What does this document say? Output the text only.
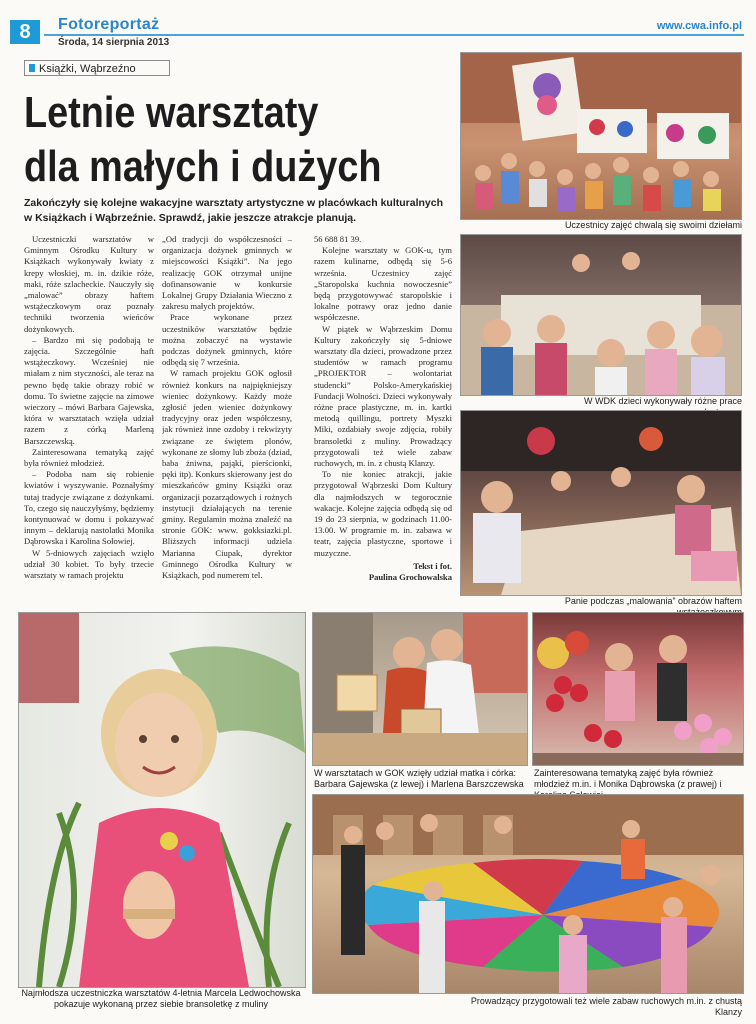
8	Fotoreportaż
Środa, 14 sierpnia 2013
www.cwa.info.pl
Książki, Wąbrzeźno
Letnie warsztaty
dla małych i dużych
Zakończyły się kolejne wakacyjne warsztaty artystyczne w placówkach kulturalnych w Książkach i Wąbrzeźnie. Sprawdź, jakie jeszcze atrakcje planują.

Uczestniczki warsztatów w Gminnym Ośrodku Kultury w Książkach wykonywały kwiaty z krepy włoskiej, m. in. dzikie róże, maki, róże szlacheckie. Nauczyły się „malować” obrazy haftem wstążeczkowym oraz poznały techniki tworzenia wieńców dożynkowych.

– Bardzo mi się podobają te zajęcia. Szczególnie haft wstążeczkowy. Wcześniej nie miałam z nim styczności, ale teraz na pewno będę takie obrazy robić w domu. To świetne zajęcie na zimowe wieczory – mówi Barbara Gajewska, która w warsztatach wzięła udział razem z córką Marleną Barszczewską.

Zainteresowana tematyką zajęć była również młodzież.

– Podoba nam się robienie kwiatów i wyszywanie. Poznałyśmy tutaj tradycje związane z dożynkami. To, czego się nauczyłyśmy, będziemy kontynuować w domu i pokazywać innym – deklarują nastolatki Monika Dąbrowska i Karolina Sołowiej.

W 5-dniowych zajęciach wzięło udział 30 kobiet. To były trzecie warsztaty w ramach projektu

„Od tradycji do współczesności – organizacja dożynek gminnych w miejscowości Książki”. Na jego realizację GOK otrzymał unijne dofinansowanie w konkursie Lokalnej Grupy Działania Wieczno z zakresu małych projektów.

Prace wykonane przez uczestników warsztatów będzie można zobaczyć na wystawie podczas dożynek gminnych, które odbędą się 7 września.

W ramach projektu GOK ogłosił również konkurs na najpiękniejszy wieniec dożynkowy. Każdy może zgłosić jeden wieniec dożynkowy tradycyjny oraz jeden współczesny, jak również inne ozdoby i rekwizyty związane ze świętem plonów, wykonane ze słomy lub zboża (dziad, baba żniwna, pająki, pierścionki, pęki itp). Konkurs skierowany jest do mieszkańców gminy Książki oraz organizacji pozarządowych i rożnych instytucji działających na terenie gminy. Regulamin można znaleźć na stronie GOK: www. gokksiazki.pl. Bliższych informacji udziela Marianna Ciupak, dyrektor Gminnego Ośrodka Kultury w Książkach, pod numerem tel.

56 688 81 39.

Kolejne warsztaty w GOK-u, tym razem kulinarne, odbędą się 5-6 września. Uczestnicy zajęć „Staropolska kuchnia nowoczesnie” będą przygotowywać staropolskie i lokalne potrawy oraz jedno danie współczesne.

W piątek w Wąbrzeskim Domu Kultury zakończyły się 5-dniowe warsztaty dla dzieci, prowadzone przez studentów w ramach programu „PROJEKTOR – wolontariat studencki” Polsko-Amerykańskiej Fundacji Wolności. Dzieci wykonywały różne prace plastyczne, m. in. kartki metodą quillingu, portrety Myszki Miki, ozdabiały swoje zdjęcia, robiły bransoletki z muliny. Prowadzący przygotowali też wiele zabaw ruchowych, m. in. z chustą Klanzy.

To nie koniec atrakcji, jakie przygotował Wąbrzeski Dom Kultury dla najmłodszych w tegorocznie wakacje. Kolejne zajęcia odbędą się od 19 do 23 sierpnia, w godzinach 11.00-13.00. W programie m. in. zabawa w teatr, zajęcia plastyczne, sportowe i muzyczne.

Tekst i fot.

Paulina Grochowalska

Uczestnicy zajęć chwalą się swoimi dziełami
W WDK dzieci wykonywały różne prace
Panie podczas „malowania” obrazów haftem
Najmłodsza uczestniczka warsztatów 4-letnia Marcela Ledwochowska pokazuje wykonaną przez siebie bransoletkę z muliny
W warsztatach w GOK wzięły udział matka i córka: Barbara Gajewska (z lewej) i Marlena Barszczewska
Zainteresowana tematyką zajęć była również młodzież m.in. i Monika Dąbrowska (z prawej) i
Prowadzący przygotowali też wiele zabaw ruchowych m.in. z chustą Klanzy
